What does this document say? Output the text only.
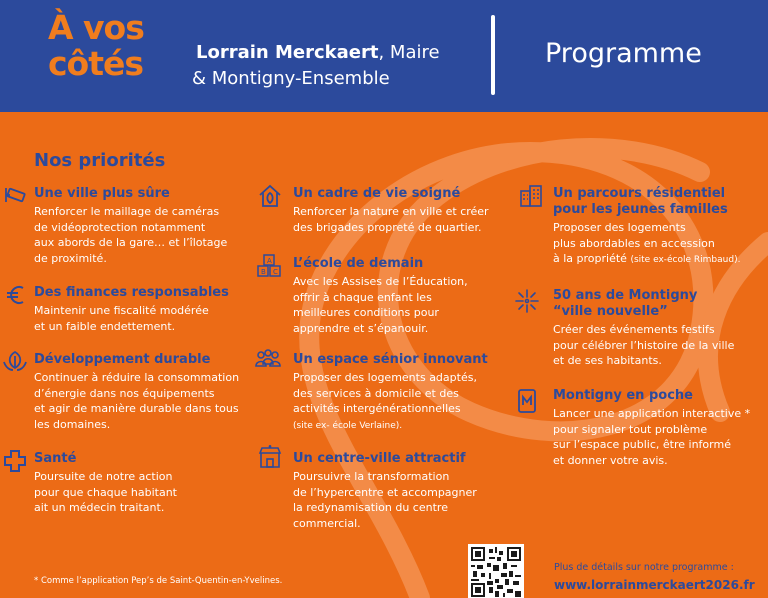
À vos
côtés	Lorrain Merckaert, Maire
& Montigny-Ensemble
Programme
Nos priorités
Une ville plus sûre

Renforcer le maillage de caméras
de vidéoprotection notamment
aux abords de la gare… et l’îlotage
de proximité.

Des finances responsables

Maintenir une fiscalité modérée
et un faible endettement.

Développement durable

Continuer à réduire la consommation
d’énergie dans nos équipements
et agir de manière durable dans tous
les domaines.

Santé

Poursuite de notre action
pour que chaque habitant
ait un médecin traitant.

Un cadre de vie soigné

Renforcer la nature en ville et créer
des brigades propreté de quartier.

A
B C
L’école de demain

Avec les Assises de l’Éducation,
offrir à chaque enfant les
meilleures conditions pour
apprendre et s’épanouir.

Un espace sénior innovant

Proposer des logements adaptés,
des services à domicile et des
activités intergénérationnelles
(site ex- école Verlaine).

Un centre-ville attractif

Poursuivre la transformation
de l’hypercentre et accompagner
la redynamisation du centre
commercial.

Un parcours résidentiel
pour les jeunes familles

Proposer des logements
plus abordables en accession
à la propriété (site ex-école Rimbaud).

50 ans de Montigny
“ville nouvelle”

Créer des événements festifs
pour célébrer l’histoire de la ville
et de ses habitants.

Montigny en poche

Lancer une application interactive *
pour signaler tout problème
sur l’espace public, être informé
et donner votre avis.

* Comme l’application Pep’s de Saint-Quentin-en-Yvelines.
Plus de détails sur notre programme :
www.lorrainmerckaert2026.fr
